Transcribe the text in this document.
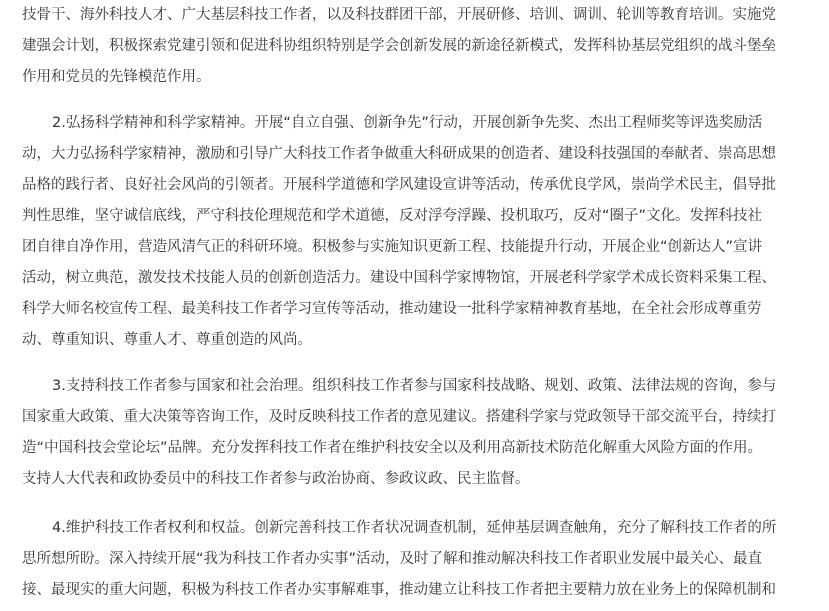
技骨干、海外科技人才、广大基层科技工作者，以及科技群团干部，开展研修、培训、调训、轮训等教育培训。实施党
建强会计划，积极探索党建引领和促进科协组织特别是学会创新发展的新途径新模式，发挥科协基层党组织的战斗堡垒
作用和党员的先锋模范作用。
2.弘扬科学精神和科学家精神。开展“自立自强、创新争先”行动，开展创新争先奖、杰出工程师奖等评选奖励活
动，大力弘扬科学家精神，激励和引导广大科技工作者争做重大科研成果的创造者、建设科技强国的奉献者、崇高思想
品格的践行者、良好社会风尚的引领者。开展科学道德和学风建设宣讲等活动，传承优良学风，崇尚学术民主，倡导批
判性思维，坚守诚信底线，严守科技伦理规范和学术道德，反对浮夸浮躁、投机取巧，反对“圈子”文化。发挥科技社
团自律自净作用，营造风清气正的科研环境。积极参与实施知识更新工程、技能提升行动，开展企业“创新达人”宣讲
活动，树立典范，激发技术技能人员的创新创造活力。建设中国科学家博物馆，开展老科学家学术成长资料采集工程、
科学大师名校宣传工程、最美科技工作者学习宣传等活动，推动建设一批科学家精神教育基地，在全社会形成尊重劳
动、尊重知识、尊重人才、尊重创造的风尚。
3.支持科技工作者参与国家和社会治理。组织科技工作者参与国家科技战略、规划、政策、法律法规的咨询，参与
国家重大政策、重大决策等咨询工作，及时反映科技工作者的意见建议。搭建科学家与党政领导干部交流平台，持续打
造“中国科技会堂论坛”品牌。充分发挥科技工作者在维护科技安全以及利用高新技术防范化解重大风险方面的作用。
支持人大代表和政协委员中的科技工作者参与政治协商、参政议政、民主监督。
4.维护科技工作者权利和权益。创新完善科技工作者状况调查机制，延伸基层调查触角，充分了解科技工作者的所
思所想所盼。深入持续开展“我为科技工作者办实事”活动，及时了解和推动解决科技工作者职业发展中最关心、最直
接、最现实的重大问题，积极为科技工作者办实事解难事，推动建立让科技工作者把主要精力放在业务上的保障机制和
